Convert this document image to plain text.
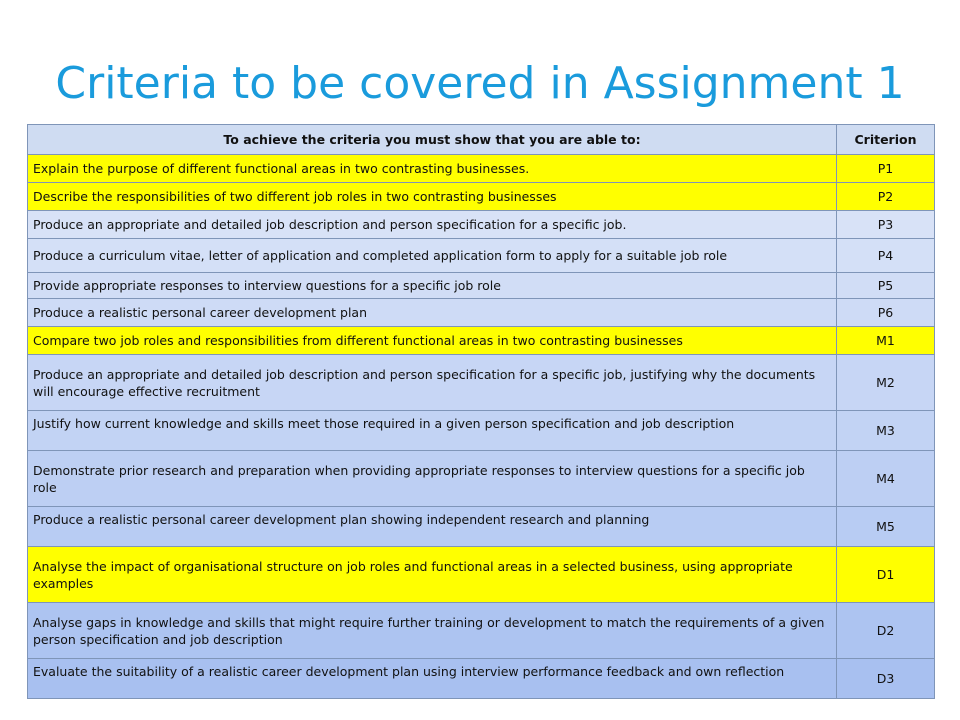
Criteria to be covered in Assignment 1
To achieve the criteria you must show that you are able to:	Criterion
Explain the purpose of different functional areas in two contrasting businesses.	P1
Describe the responsibilities of two different job roles in two contrasting businesses	P2
Produce an appropriate and detailed job description and person specification for a specific job.	P3
Produce a curriculum vitae, letter of application and completed application form to apply for a suitable job role	P4
Provide appropriate responses to interview questions for a specific job role	P5
Produce a realistic personal career development plan	P6
Compare two job roles and responsibilities from different functional areas in two contrasting businesses	M1
Produce an appropriate and detailed job description and person specification for a specific job, justifying why the documents will encourage effective recruitment	M2
Justify how current knowledge and skills meet those required in a given person specification and job description	M3
Demonstrate prior research and preparation when providing appropriate responses to interview questions for a specific job role	M4
Produce a realistic personal career development plan showing independent research and planning	M5
Analyse the impact of organisational structure on job roles and functional areas in a selected business, using appropriate examples	D1
Analyse gaps in knowledge and skills that might require further training or development to match the requirements of a given person specification and job description	D2
Evaluate the suitability of a realistic career development plan using interview performance feedback and own reflection	D3
